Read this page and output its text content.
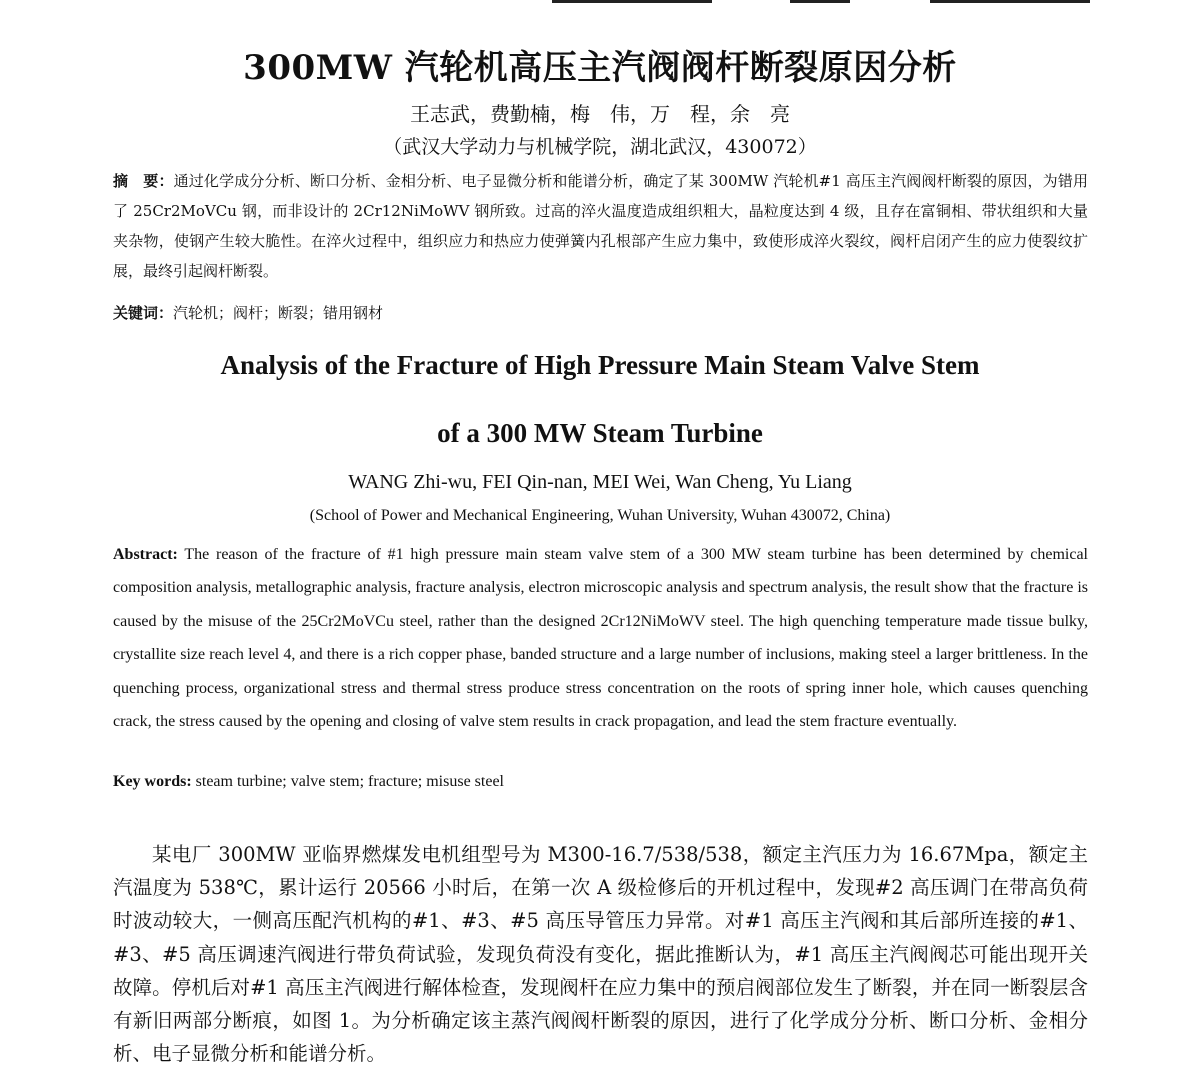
300MW 汽轮机高压主汽阀阀杆断裂原因分析
王志武，费勤楠，梅　伟，万　程，余　亮
（武汉大学动力与机械学院，湖北武汉，430072）
摘　要：通过化学成分分析、断口分析、金相分析、电子显微分析和能谱分析，确定了某 300MW 汽轮机#1 高压主汽阀阀杆断裂的原因，为错用了 25Cr2MoVCu 钢，而非设计的 2Cr12NiMoWV 钢所致。过高的淬火温度造成组织粗大，晶粒度达到 4 级，且存在富铜相、带状组织和大量夹杂物，使钢产生较大脆性。在淬火过程中，组织应力和热应力使弹簧内孔根部产生应力集中，致使形成淬火裂纹，阀杆启闭产生的应力使裂纹扩展，最终引起阀杆断裂。
关键词：汽轮机；阀杆；断裂；错用钢材
Analysis of the Fracture of High Pressure Main Steam Valve Stem
of a 300 MW Steam Turbine
WANG Zhi-wu, FEI Qin-nan, MEI Wei, Wan Cheng, Yu Liang
(School of Power and Mechanical Engineering, Wuhan University, Wuhan 430072, China)
Abstract: The reason of the fracture of #1 high pressure main steam valve stem of a 300 MW steam turbine has been determined by chemical composition analysis, metallographic analysis, fracture analysis, electron microscopic analysis and spectrum analysis, the result show that the fracture is caused by the misuse of the 25Cr2MoVCu steel, rather than the designed 2Cr12NiMoWV steel. The high quenching temperature made tissue bulky, crystallite size reach level 4, and there is a rich copper phase, banded structure and a large number of inclusions, making steel a larger brittleness. In the quenching process, organizational stress and thermal stress produce stress concentration on the roots of spring inner hole, which causes quenching crack, the stress caused by the opening and closing of valve stem results in crack propagation, and lead the stem fracture eventually.
Key words: steam turbine; valve stem; fracture; misuse steel
某电厂 300MW 亚临界燃煤发电机组型号为 M300-16.7/538/538，额定主汽压力为 16.67Mpa，额定主汽温度为 538℃，累计运行 20566 小时后，在第一次 A 级检修后的开机过程中，发现#2 高压调门在带高负荷时波动较大，一侧高压配汽机构的#1、#3、#5 高压导管压力异常。对#1 高压主汽阀和其后部所连接的#1、#3、#5 高压调速汽阀进行带负荷试验，发现负荷没有变化，据此推断认为，#1 高压主汽阀阀芯可能出现开关故障。停机后对#1 高压主汽阀进行解体检查，发现阀杆在应力集中的预启阀部位发生了断裂，并在同一断裂层含有新旧两部分断痕，如图 1。为分析确定该主蒸汽阀阀杆断裂的原因，进行了化学成分分析、断口分析、金相分析、电子显微分析和能谱分析。
